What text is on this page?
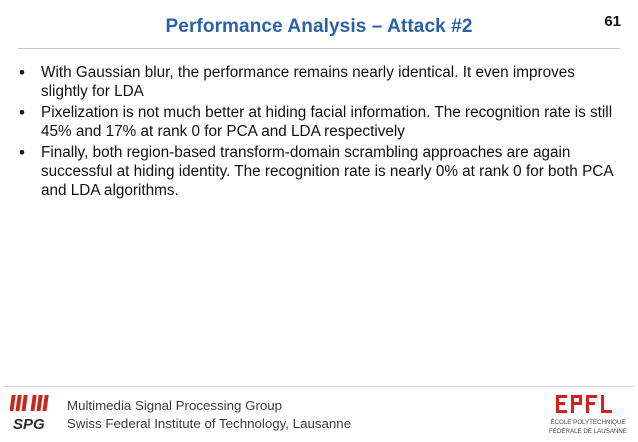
Performance Analysis – Attack #2	61
• With Gaussian blur, the performance remains nearly identical. It even improves slightly for LDA
• Pixelization is not much better at hiding facial information. The recognition rate is still 45% and 17% at rank 0 for PCA and LDA respectively
• Finally, both region-based transform-domain scrambling approaches are again successful at hiding identity. The recognition rate is nearly 0% at rank 0 for both PCA and LDA algorithms.
SPG
Multimedia Signal Processing Group
Swiss Federal Institute of Technology, Lausanne	ÉCOLE POLYTECHNIQUE
FÉDÉRALE DE LAUSANNE
